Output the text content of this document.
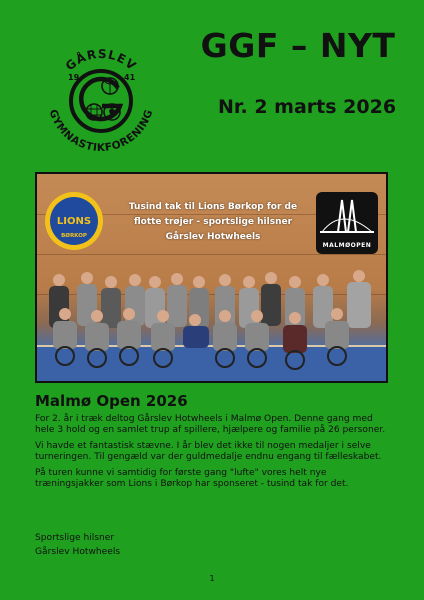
GÅRSLEV
GYMNASTIKFORENING
19	41
GGF – NYT
Nr. 2 marts 2026
LIONS
BØRKOP
Tusind tak til Lions Børkop for de flotte trøjer - sportslige hilsner Gårslev Hotwheels
MALMØOPEN
Malmø Open 2026

For 2. år i træk deltog Gårslev Hotwheels i Malmø Open. Denne gang med hele 3 hold og en samlet trup af spillere, hjælpere og familie på 26 personer.

Vi havde et fantastisk stævne. I år blev det ikke til nogen medaljer i selve turneringen. Til gengæld var der guldmedalje endnu engang til fælleskabet.

På turen kunne vi samtidig for første gang "lufte" vores helt nye træningsjakker som Lions i Børkop har sponseret - tusind tak for det.

Sportslige hilsner
Gårslev Hotwheels
1
